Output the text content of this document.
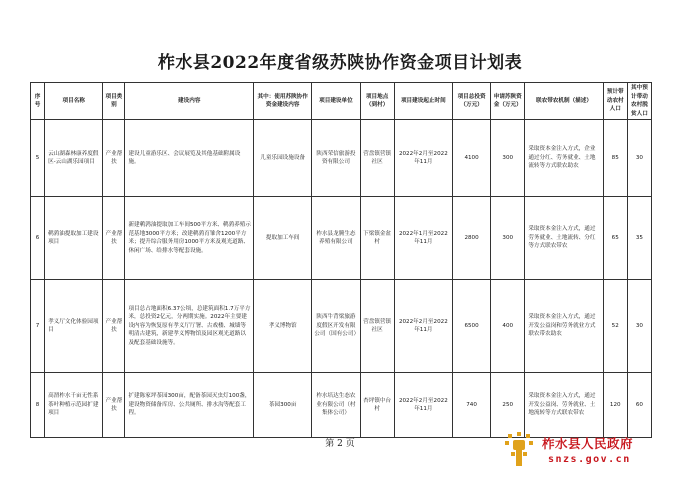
柞水县2022年度省级苏陕协作资金项目计划表
序号	项目名称	项目类别	建设内容	其中：使用苏陕协作资金建设内容	项目建设单位	项目地点（到村）	项目建设起止时间	项目总投资（万元）	申请苏陕资金（万元）	联农带农机制（描述）	预计带动农村人口	其中预计带动农村脱贫人口
5	云山湖森林康养度假区-云山湖乐园项目	产业帮扶	建设儿童游乐区、会议展览及其他基础附属设施。	儿童乐园设施设备	陕西荣信旅游投资有限公司	营盘镇营镇社区	2022年2月至2022年11月	4100	300	采取资本金注入方式，企业通过分红、劳务就业、土地流转等方式联农助农	85	30
6	鹌鹑油提取加工建设项目	产业帮扶	新建鹌鹑油提取加工车间500平方米、鹌鹑养殖示范基地3000平方米；改建鹌鹑育雏舍1200平方米；提升综合服务用房1000平方米及观光道路、休闲广场、给排水等配套设施。	提取加工车间	柞水县龙腾生态养殖有限公司	下梁镇金盆村	2022年1月至2022年11月	2800	300	采取资本金注入方式，通过劳务就业、土地流转、分红等方式联农带农	65	35
7	孝义厅文化体验园项目	产业帮扶	项目总占地面积6.37公顷，总建筑面积1.7万平方米，总投资2亿元，分两期实施。2022年主要建设内容为恢复原有孝义厅厅署、古戏楼、城墙等明清古建筑，新建孝义博物馆及园区观光道路以及配套基础设施等。	孝义博物馆	陕西牛背梁旅游度假区开发有限公司（国有公司）	营盘镇营镇社区	2022年2月至2022年11月	6500	400	采取资本金注入方式，通过开发公益岗和劳务就业方式联农带农助农	52	30
8	高渭柞水千亩无性系茶叶种植示范园扩建项目	产业帮扶	扩建陈家坪茶园300亩，配备茶园灭虫灯100盏，建设物资储备库房、公共厕所、排水沟等配套工程。	茶园300亩	柞水培达生态农业有限公司（村集体公司）	杏坪镇中台村	2022年2月至2022年11月	740	250	采取资本金注入方式，通过开发公益岗、劳务就业、土地流转等方式联农带农	120	60
第 2 页	柞水县人民政府
snzs.gov.cn
